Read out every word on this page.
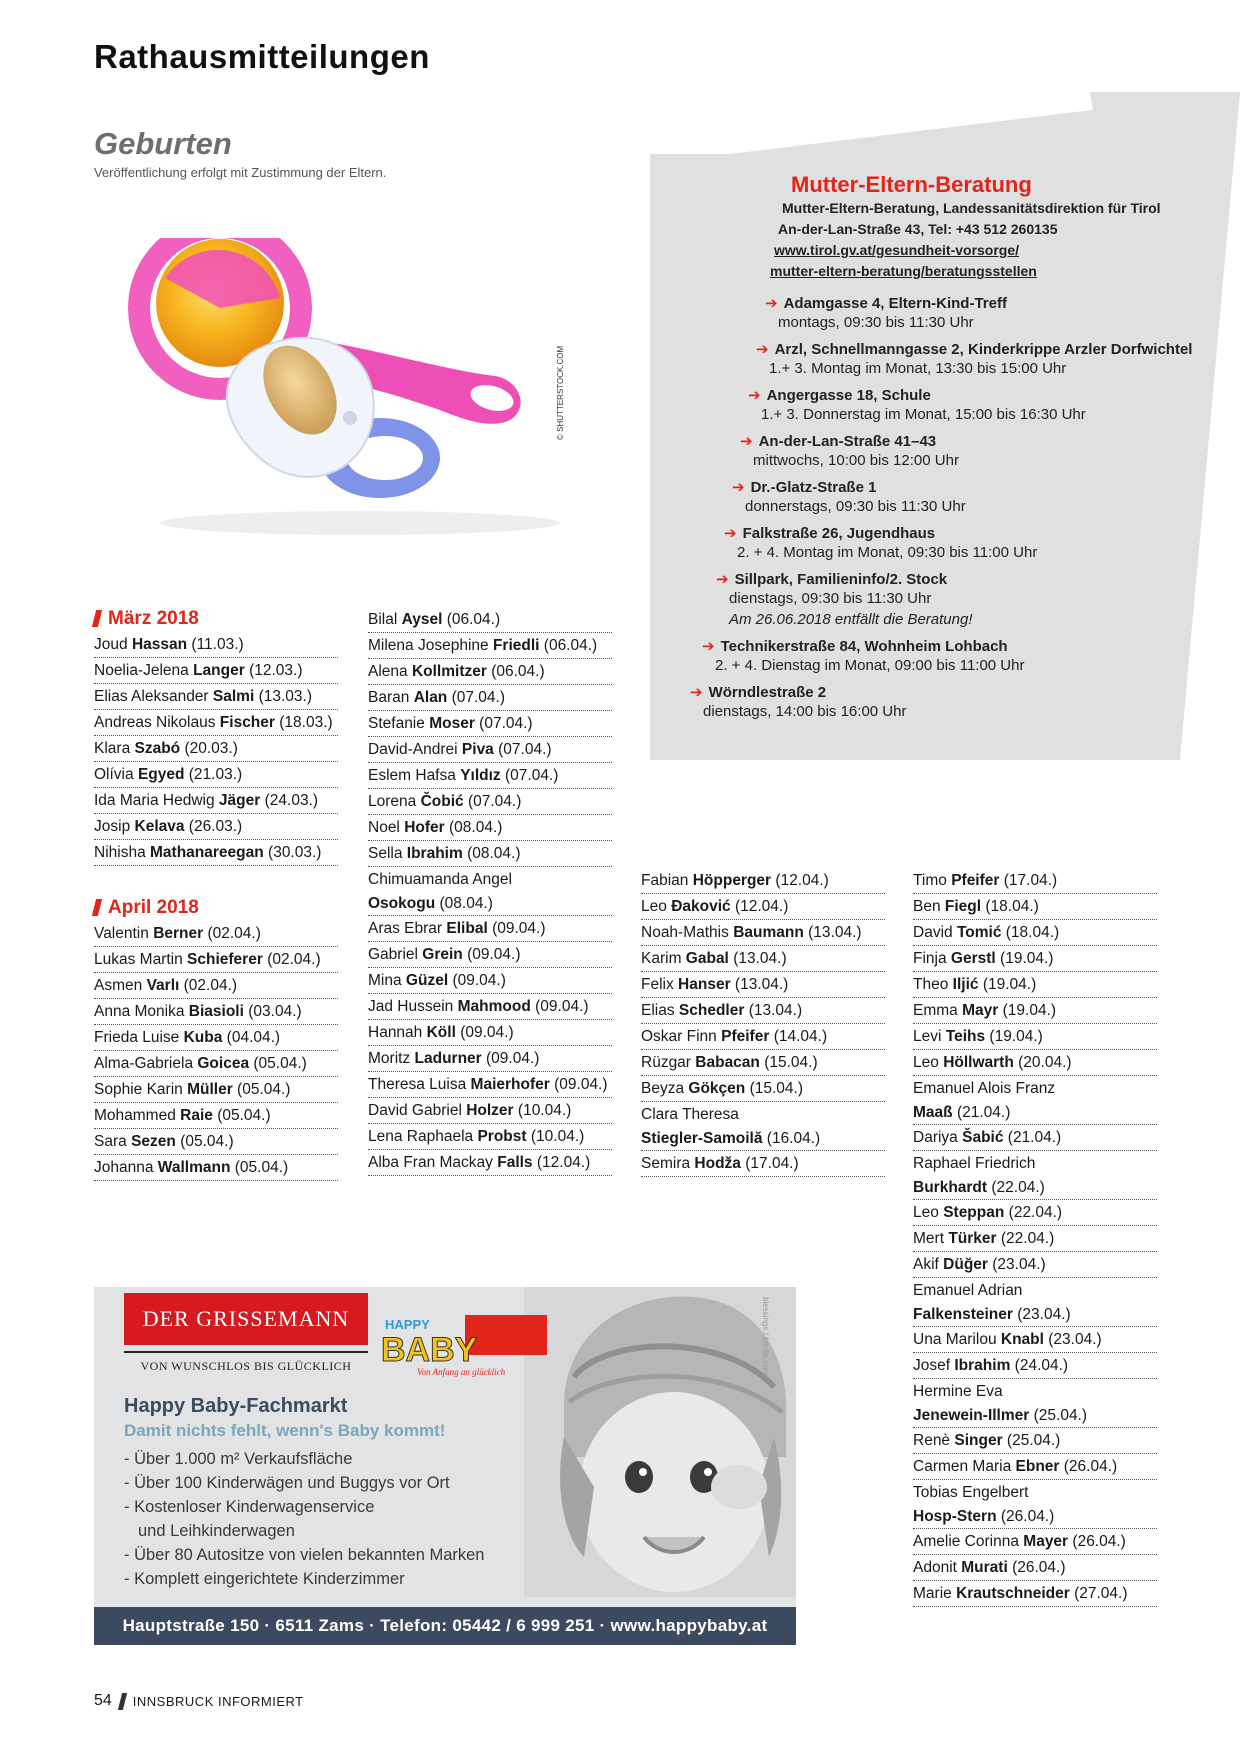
Rathausmitteilungen
Geburten
Veröffentlichung erfolgt mit Zustimmung der Eltern.	Mutter-Eltern-Beratung
Mutter-Eltern-Beratung, Landessanitätsdirektion für Tirol
An-der-Lan-Straße 43, Tel: +43 512 260135
www.tirol.gv.at/gesundheit-vorsorge/
mutter-eltern-beratung/beratungsstellen
➔ Adamgasse 4, Eltern-Kind-Treff
montags, 09:30 bis 11:30 Uhr
➔ Arzl, Schnellmanngasse 2, Kinderkrippe Arzler Dorfwichtel
1.+ 3. Montag im Monat, 13:30 bis 15:00 Uhr
➔ Angergasse 18, Schule
1.+ 3. Donnerstag im Monat, 15:00 bis 16:30 Uhr
➔ An-der-Lan-Straße 41–43
mittwochs, 10:00 bis 12:00 Uhr
➔ Dr.-Glatz-Straße 1
donnerstags, 09:30 bis 11:30 Uhr
➔ Falkstraße 26, Jugendhaus
2. + 4. Montag im Monat, 09:30 bis 11:00 Uhr
➔ Sillpark, Familieninfo/2. Stock
dienstags, 09:30 bis 11:30 Uhr
Am 26.06.2018 entfällt die Beratung!
➔ Technikerstraße 84, Wohnheim Lohbach
2. + 4. Dienstag im Monat, 09:00 bis 11:00 Uhr
➔ Wörndlestraße 2
dienstags, 14:00 bis 16:00 Uhr
© SHUTTERSTOCK.COM
März 2018
Joud Hassan (11.03.)
Noelia-Jelena Langer (12.03.)
Elias Aleksander Salmi (13.03.)
Andreas Nikolaus Fischer (18.03.)
Klara Szabó (20.03.)
Olívia Egyed (21.03.)
Ida Maria Hedwig Jäger (24.03.)
Josip Kelava (26.03.)
Nihisha Mathanareegan (30.03.)
April 2018
Valentin Berner (02.04.)
Lukas Martin Schieferer (02.04.)
Asmen Varlı (02.04.)
Anna Monika Biasioli (03.04.)
Frieda Luise Kuba (04.04.)
Alma-Gabriela Goicea (05.04.)
Sophie Karin Müller (05.04.)
Mohammed Raie (05.04.)
Sara Sezen (05.04.)
Johanna Wallmann (05.04.)
Bilal Aysel (06.04.)
Milena Josephine Friedli (06.04.)
Alena Kollmitzer (06.04.)
Baran Alan (07.04.)
Stefanie Moser (07.04.)
David-Andrei Piva (07.04.)
Eslem Hafsa Yıldız (07.04.)
Lorena Čobić (07.04.)
Noel Hofer (08.04.)
Sella Ibrahim (08.04.)
Chimuamanda Angel
Osokogu (08.04.)
Aras Ebrar Elibal (09.04.)
Gabriel Grein (09.04.)
Mina Güzel (09.04.)
Jad Hussein Mahmood (09.04.)
Hannah Köll (09.04.)
Moritz Ladurner (09.04.)
Theresa Luisa Maierhofer (09.04.)
David Gabriel Holzer (10.04.)
Lena Raphaela Probst (10.04.)
Alba Fran Mackay Falls (12.04.)
Fabian Höpperger (12.04.)
Leo Đaković (12.04.)
Noah-Mathis Baumann (13.04.)
Karim Gabal (13.04.)
Felix Hanser (13.04.)
Elias Schedler (13.04.)
Oskar Finn Pfeifer (14.04.)
Rüzgar Babacan (15.04.)
Beyza Gökçen (15.04.)
Clara Theresa
Stiegler-Samoilă (16.04.)
Semira Hodža (17.04.)
Timo Pfeifer (17.04.)
Ben Fiegl (18.04.)
David Tomić (18.04.)
Finja Gerstl (19.04.)
Theo Iljić (19.04.)
Emma Mayr (19.04.)
Levi Teihs (19.04.)
Leo Höllwarth (20.04.)
Emanuel Alois Franz
Maaß (21.04.)
Dariya Šabić (21.04.)
Raphael Friedrich
Burkhardt (22.04.)
Leo Steppan (22.04.)
Mert Türker (22.04.)
Akif Düğer (23.04.)
Emanuel Adrian
Falkensteiner (23.04.)
Una Marilou Knabl (23.04.)
Josef Ibrahim (24.04.)
Hermine Eva
Jenewein-Illmer (25.04.)
Renè Singer (25.04.)
Carmen Maria Ebner (26.04.)
Tobias Engelbert
Hosp-Stern (26.04.)
Amelie Corinna Mayer (26.04.)
Adonit Murati (26.04.)
Marie Krautschneider (27.04.)
DER GRISSEMANN
VON WUNSCHLOS BIS GLÜCKLICH
HAPPY
BABY
Von Anfang an glücklich
Happy Baby-Fachmarkt
Damit nichts fehlt, wenn's Baby kommt!
- Über 1.000 m² Verkaufsfläche
- Über 100 Kinderwägen und Buggys vor Ort
- Kostenloser Kinderwagenservice
und Leihkinderwagen
- Über 80 Autositze von vielen bekannten Marken
- Komplett eingerichtete Kinderzimmer
blessings / fotolia.com
Hauptstraße 150 · 6511 Zams · Telefon: 05442 / 6 999 251 · www.happybaby.at
54 INNSBRUCK INFORMIERT
